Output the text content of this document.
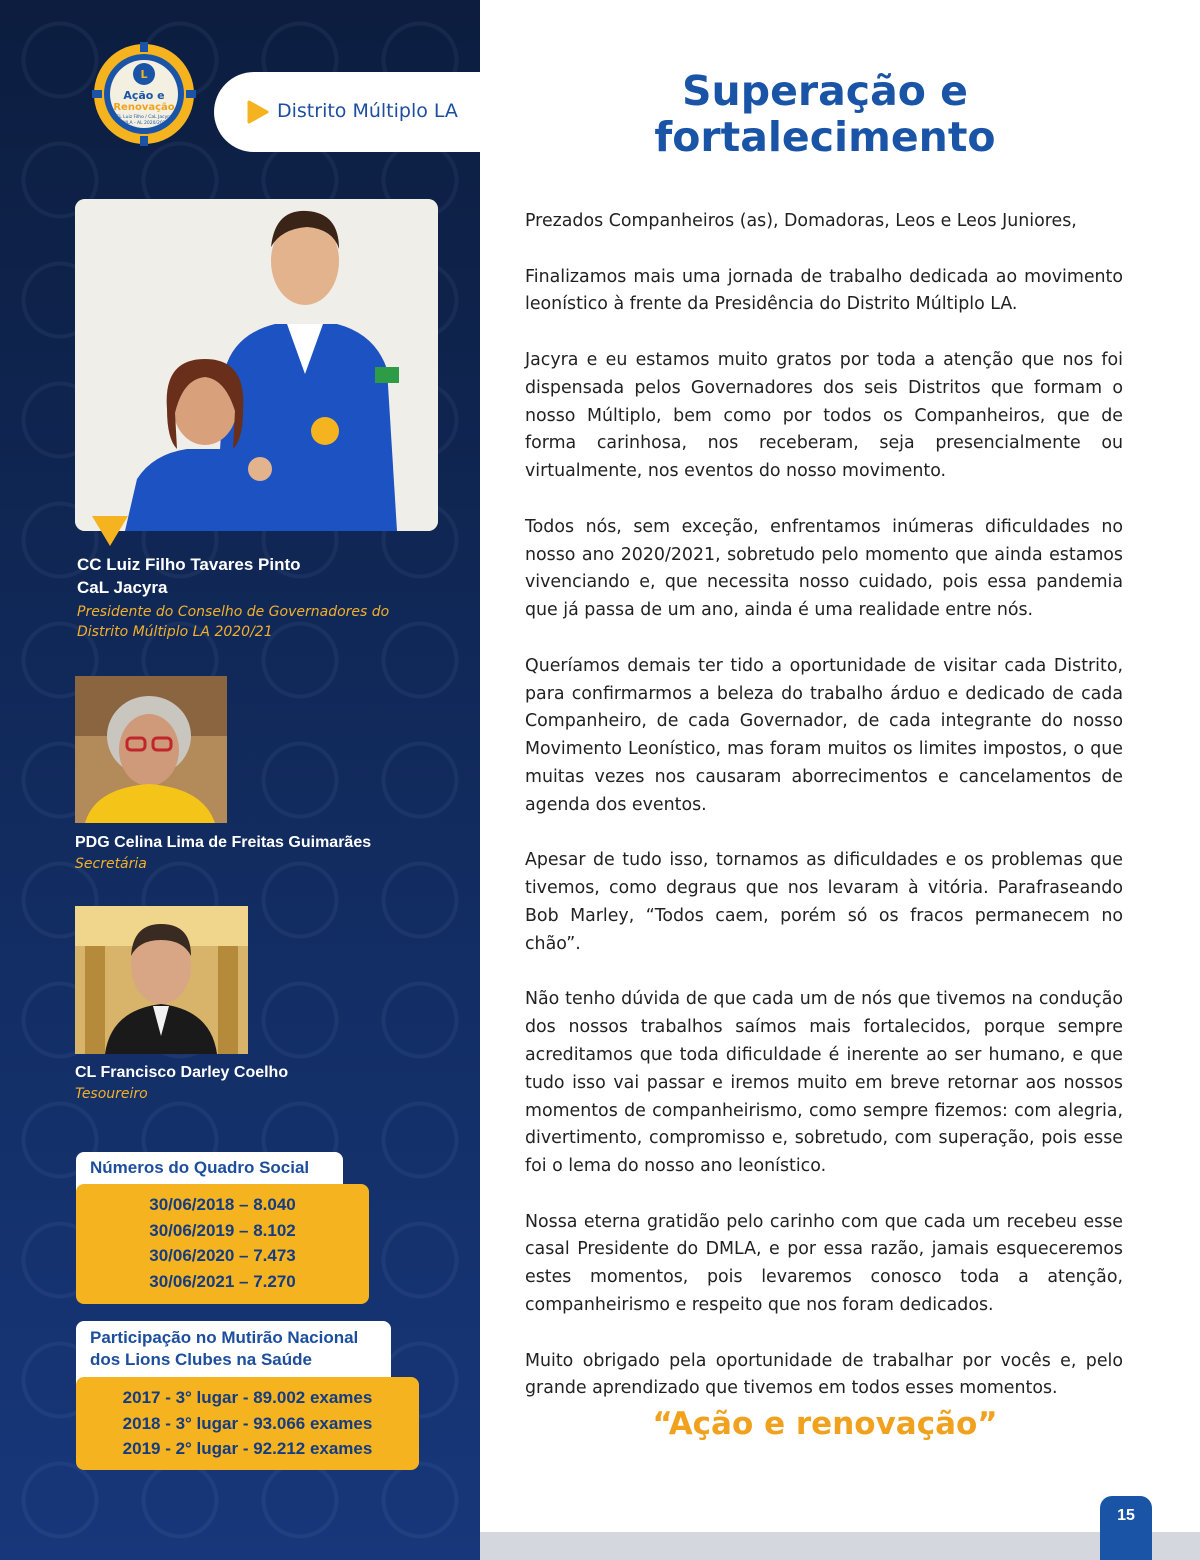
L
Ação e
Renovação
CL Luiz Filho / CaL Jacyra
DMLA - AL 2020/2021
Distrito Múltiplo LA
CC Luiz Filho Tavares Pinto
CaL Jacyra
Presidente do Conselho de Governadores do
Distrito Múltiplo LA 2020/21
PDG Celina Lima de Freitas Guimarães
Secretária
CL Francisco Darley Coelho
Tesoureiro
Números do Quadro Social
30/06/2018 – 8.040
30/06/2019 – 8.102
30/06/2020 – 7.473
30/06/2021 – 7.270
Participação no Mutirão Nacional
dos Lions Clubes na Saúde
2017 - 3° lugar - 89.002 exames
2018 - 3° lugar - 93.066 exames
2019 - 2° lugar - 92.212 exames
Superação e
fortalecimento

Prezados Companheiros (as), Domadoras, Leos e Leos Juniores,

Finalizamos mais uma jornada de trabalho dedicada ao movimento leonístico à frente da Presidência do Distrito Múltiplo LA.

Jacyra e eu estamos muito gratos por toda a atenção que nos foi dispensada pelos Governadores dos seis Distritos que formam o nosso Múltiplo, bem como por todos os Companheiros, que de forma carinhosa, nos receberam, seja presencialmente ou virtualmente, nos eventos do nosso movimento.

Todos nós, sem exceção, enfrentamos inúmeras dificuldades no nosso ano 2020/2021, sobretudo pelo momento que ainda estamos vivenciando e, que necessita nosso cuidado, pois essa pandemia que já passa de um ano, ainda é uma realidade entre nós.

Queríamos demais ter tido a oportunidade de visitar cada Distrito, para confirmarmos a beleza do trabalho árduo e dedicado de cada Companheiro, de cada Governador, de cada integrante do nosso Movimento Leonístico, mas foram muitos os limites impostos, o que muitas vezes nos causaram aborrecimentos e cancelamentos de agenda dos eventos.

Apesar de tudo isso, tornamos as dificuldades e os problemas que tivemos, como degraus que nos levaram à vitória. Parafraseando Bob Marley, “Todos caem, porém só os fracos permanecem no chão”.

Não tenho dúvida de que cada um de nós que tivemos na condução dos nossos trabalhos saímos mais fortalecidos, porque sempre acreditamos que toda dificuldade é inerente ao ser humano, e que tudo isso vai passar e iremos muito em breve retornar aos nossos momentos de companheirismo, como sempre fizemos: com alegria, divertimento, compromisso e, sobretudo, com superação, pois esse foi o lema do nosso ano leonístico.

Nossa eterna gratidão pelo carinho com que cada um recebeu esse casal Presidente do DMLA, e por essa razão, jamais esqueceremos estes momentos, pois levaremos conosco toda a atenção, companheirismo e respeito que nos foram dedicados.

Muito obrigado pela oportunidade de trabalhar por vocês e, pelo grande aprendizado que tivemos em todos esses momentos.

“Ação e renovação”
15
